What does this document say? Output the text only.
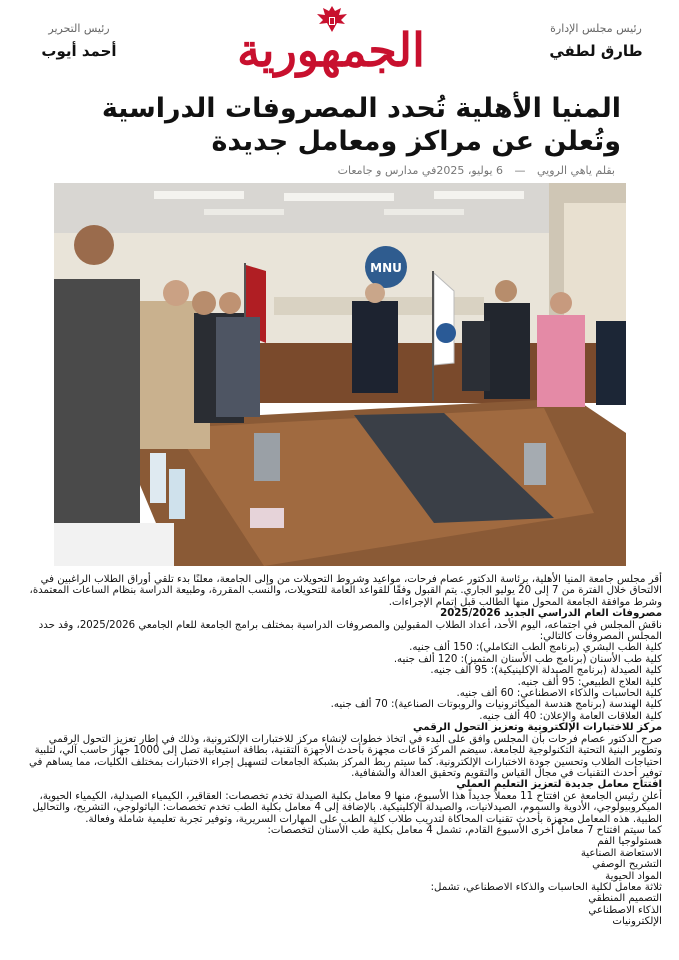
رئيس مجلس الإدارة
طارق لطفي
الجمهورية
رئيس التحرير
أحمد أيوب
المنيا الأهلية تُحدد المصروفات الدراسية وتُعلن عن مراكز ومعامل جديدة
بقلم ياهي الرويي — 6 يوليو، 2025في مدارس و جامعات
MNU

أقر مجلس جامعة المنيا الأهلية، برئاسة الدكتور عصام فرحات، مواعيد وشروط التحويلات من وإلى الجامعة، معلنًا بدء تلقي أوراق الطلاب الراغبين في الالتحاق خلال الفترة من 7 إلى 20 يوليو الجاري. يتم القبول وفقًا للقواعد العامة للتحويلات، والنسب المقررة، وطبيعة الدراسة بنظام الساعات المعتمدة، وشرط موافقة الجامعة المحول منها الطالب قبل إتمام الإجراءات.

مصروفات العام الدراسي الجديد 2025/2026

ناقش المجلس في اجتماعه، اليوم الأحد، أعداد الطلاب المقبولين والمصروفات الدراسية بمختلف برامج الجامعة للعام الجامعي 2025/2026، وقد حدد المجلس المصروفات كالتالي:

كلية الطب البشري (برنامج الطب التكاملي): 150 ألف جنيه.
كلية طب الأسنان (برنامج طب الأسنان المتميز): 120 ألف جنيه.
كلية الصيدلة (برنامج الصيدلة الإكلينيكية): 95 ألف جنيه.
كلية العلاج الطبيعي: 95 ألف جنيه.
كلية الحاسبات والذكاء الاصطناعي: 60 ألف جنيه.
كلية الهندسة (برنامج هندسة الميكاترونيات والروبوتات الصناعية): 70 ألف جنيه.
كلية العلاقات العامة والإعلان: 40 ألف جنيه.

مركز للاختبارات الإلكترونية وتعزيز التحول الرقمي

صرح الدكتور عصام فرحات بأن المجلس وافق على البدء في اتخاذ خطوات لإنشاء مركز للاختبارات الإلكترونية، وذلك في إطار تعزيز التحول الرقمي وتطوير البنية التحتية التكنولوجية للجامعة. سيضم المركز قاعات مجهزة بأحدث الأجهزة التقنية، بطاقة استيعابية تصل إلى 1000 جهاز حاسب آلي، لتلبية احتياجات الطلاب وتحسين جودة الاختبارات الإلكترونية. كما سيتم ربط المركز بشبكة الجامعات لتسهيل إجراء الاختبارات بمختلف الكليات، مما يساهم في توفير أحدث التقنيات في مجال القياس والتقويم وتحقيق العدالة والشفافية.

افتتاح معامل جديدة لتعزيز التعليم العملي

أعلن رئيس الجامعة عن افتتاح 11 معملاً جديداً هذا الأسبوع، منها 9 معامل بكلية الصيدلة تخدم تخصصات: العقاقير، الكيمياء الصيدلية، الكيمياء الحيوية، الميكروبيولوجي، الأدوية والسموم، الصيدلانيات، والصيدلة الإكلينيكية. بالإضافة إلى 4 معامل بكلية الطب تخدم تخصصات: الباثولوجي، التشريح، والتحاليل الطبية. هذه المعامل مجهزة بأحدث تقنيات المحاكاة لتدريب طلاب كلية الطب على المهارات السريرية، وتوفير تجربة تعليمية شاملة وفعالة.

كما سيتم افتتاح 7 معامل أخرى الأسبوع القادم، تشمل 4 معامل بكلية طب الأسنان لتخصصات:

هستولوجيا الفم
الاستعاضة الصناعية
التشريح الوصفي
المواد الحيوية

ثلاثة معامل لكلية الحاسبات والذكاء الاصطناعي، تشمل:

التصميم المنطقي
الذكاء الاصطناعي
الإلكترونيات
